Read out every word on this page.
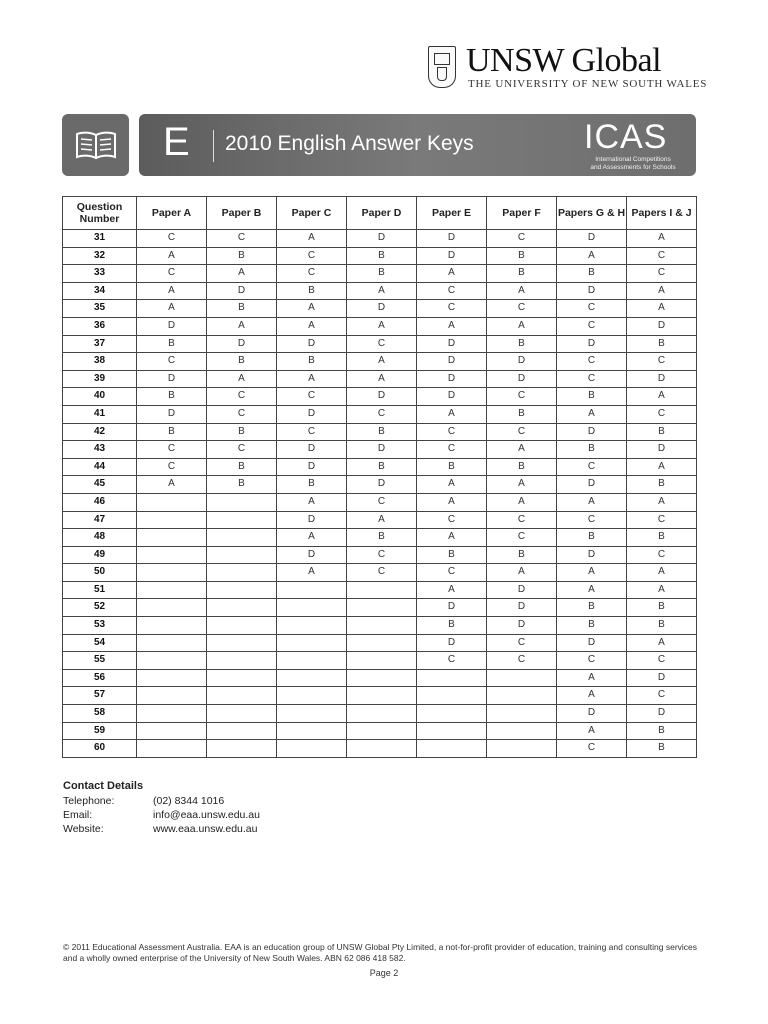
UNSW Global
THE UNIVERSITY OF NEW SOUTH WALES
E 2010 English Answer Keys	ICAS
International Competitions
and Assessments for Schools
Question Number	Paper A	Paper B	Paper C	Paper D	Paper E	Paper F	Papers G & H	Papers I & J
31	C	C	A	D	D	C	D	A
32	A	B	C	B	D	B	A	C
33	C	A	C	B	A	B	B	C
34	A	D	B	A	C	A	D	A
35	A	B	A	D	C	C	C	A
36	D	A	A	A	A	A	C	D
37	B	D	D	C	D	B	D	B
38	C	B	B	A	D	D	C	C
39	D	A	A	A	D	D	C	D
40	B	C	C	D	D	C	B	A
41	D	C	D	C	A	B	A	C
42	B	B	C	B	C	C	D	B
43	C	C	D	D	C	A	B	D
44	C	B	D	B	B	B	C	A
45	A	B	B	D	A	A	D	B
46			A	C	A	A	A	A
47			D	A	C	C	C	C
48			A	B	A	C	B	B
49			D	C	B	B	D	C
50			A	C	C	A	A	A
51					A	D	A	A
52					D	D	B	B
53					B	D	B	B
54					D	C	D	A
55					C	C	C	C
56							A	D
57							A	C
58							D	D
59							A	B
60							C	B
Contact Details
Telephone:	(02) 8344 1016
Email:	info@eaa.unsw.edu.au
Website:	www.eaa.unsw.edu.au
© 2011 Educational Assessment Australia. EAA is an education group of UNSW Global Pty Limited, a not-for-profit provider of education, training and consulting services and a wholly owned enterprise of the University of New South Wales. ABN 62 086 418 582.
Page 2
